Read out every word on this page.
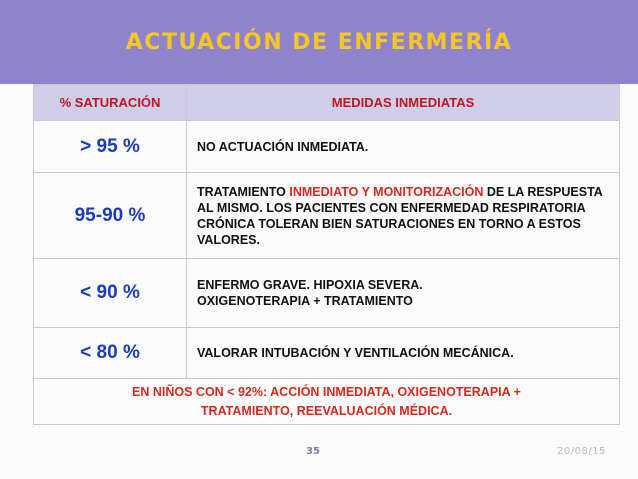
ACTUACIÓN DE ENFERMERÍA
% SATURACIÓN	MEDIDAS INMEDIATAS
> 95 %	NO ACTUACIÓN INMEDIATA.
95-90 %	TRATAMIENTO INMEDIATO Y MONITORIZACIÓN DE LA RESPUESTA AL MISMO. LOS PACIENTES CON ENFERMEDAD RESPIRATORIA CRÓNICA TOLERAN BIEN SATURACIONES EN TORNO A ESTOS VALORES.
< 90 %	ENFERMO GRAVE. HIPOXIA SEVERA.
OXIGENOTERAPIA + TRATAMIENTO

< 80 %	VALORAR INTUBACIÓN Y VENTILACIÓN MECÁNICA.

EN NIÑOS CON < 92%: ACCIÓN INMEDIATA, OXIGENOTERAPIA +
TRATAMIENTO, REEVALUACIÓN MÉDICA.	
35	20/08/15
